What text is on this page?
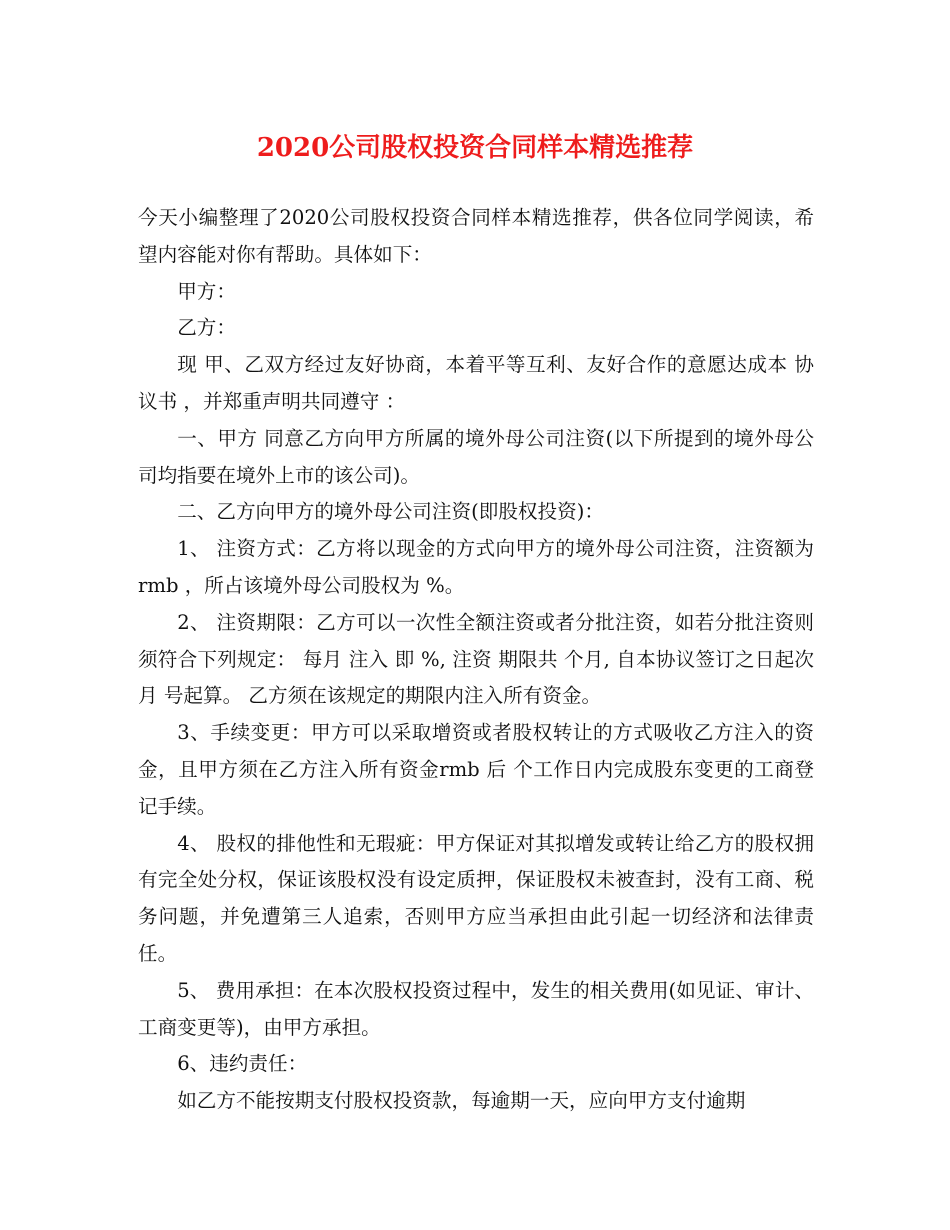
2020公司股权投资合同样本精选推荐

今天小编整理了2020公司股权投资合同样本精选推荐，供各位同学阅读，希望内容能对你有帮助。具体如下：

甲方：

乙方：

现 甲、乙双方经过友好协商，本着平等互利、友好合作的意愿达成本 协议书 ，并郑重声明共同遵守 ：

一、甲方 同意乙方向甲方所属的境外母公司注资(以下所提到的境外母公司均指要在境外上市的该公司)。

二、乙方向甲方的境外母公司注资(即股权投资)：

1、 注资方式：乙方将以现金的方式向甲方的境外母公司注资，注资额为rmb ，所占该境外母公司股权为 %。

2、 注资期限：乙方可以一次性全额注资或者分批注资，如若分批注资则须符合下列规定： 每月 注入 即 %, 注资 期限共 个月, 自本协议签订之日起次月 号起算。 乙方须在该规定的期限内注入所有资金。

3、手续变更：甲方可以采取增资或者股权转让的方式吸收乙方注入的资金，且甲方须在乙方注入所有资金rmb 后 个工作日内完成股东变更的工商登记手续。

4、 股权的排他性和无瑕疵：甲方保证对其拟增发或转让给乙方的股权拥有完全处分权，保证该股权没有设定质押，保证股权未被查封，没有工商、税务问题，并免遭第三人追索，否则甲方应当承担由此引起一切经济和法律责任。

5、 费用承担：在本次股权投资过程中，发生的相关费用(如见证、审计、工商变更等)，由甲方承担。

6、违约责任：

如乙方不能按期支付股权投资款，每逾期一天，应向甲方支付逾期
